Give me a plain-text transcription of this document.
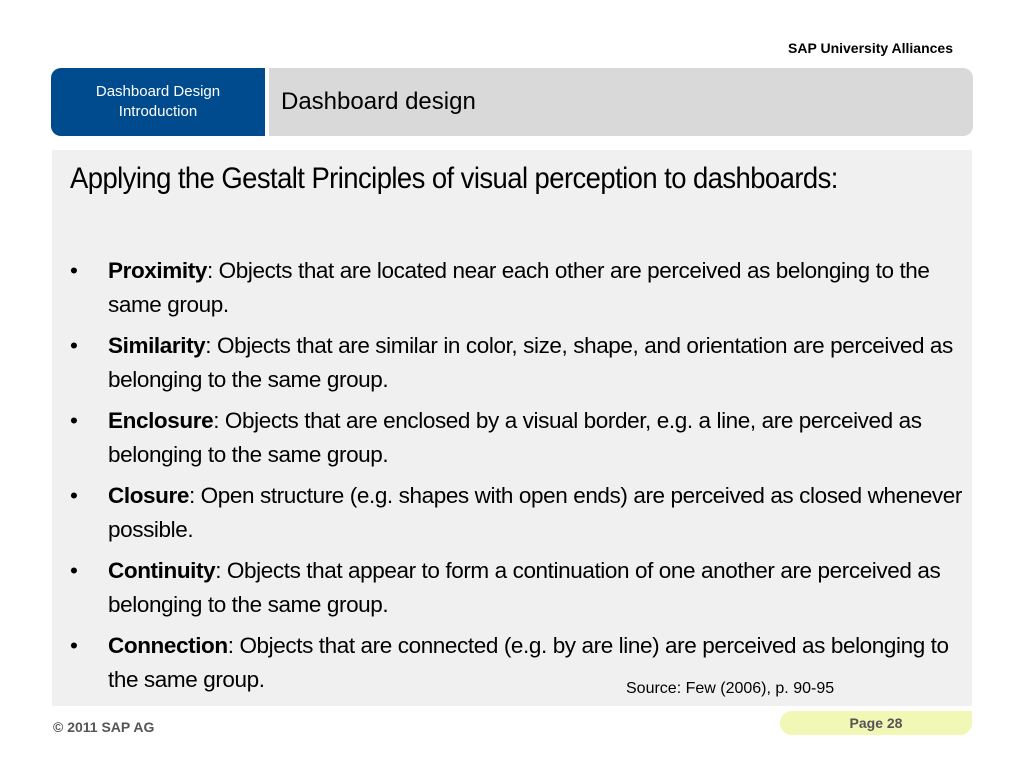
SAP University Alliances
Dashboard Design
Introduction	Dashboard design
Applying the Gestalt Principles of visual perception to dashboards:
• Proximity: Objects that are located near each other are perceived as belonging to the same group.
• Similarity: Objects that are similar in color, size, shape, and orientation are perceived as belonging to the same group.
• Enclosure: Objects that are enclosed by a visual border, e.g. a line, are perceived as belonging to the same group.
• Closure: Open structure (e.g. shapes with open ends) are perceived as closed whenever possible.
• Continuity: Objects that appear to form a continuation of one another are perceived as belonging to the same group.
• Connection: Objects that are connected (e.g. by are line) are perceived as belonging to the same group.	Source: Few (2006), p. 90-95
© 2011 SAP AG	Page 28
